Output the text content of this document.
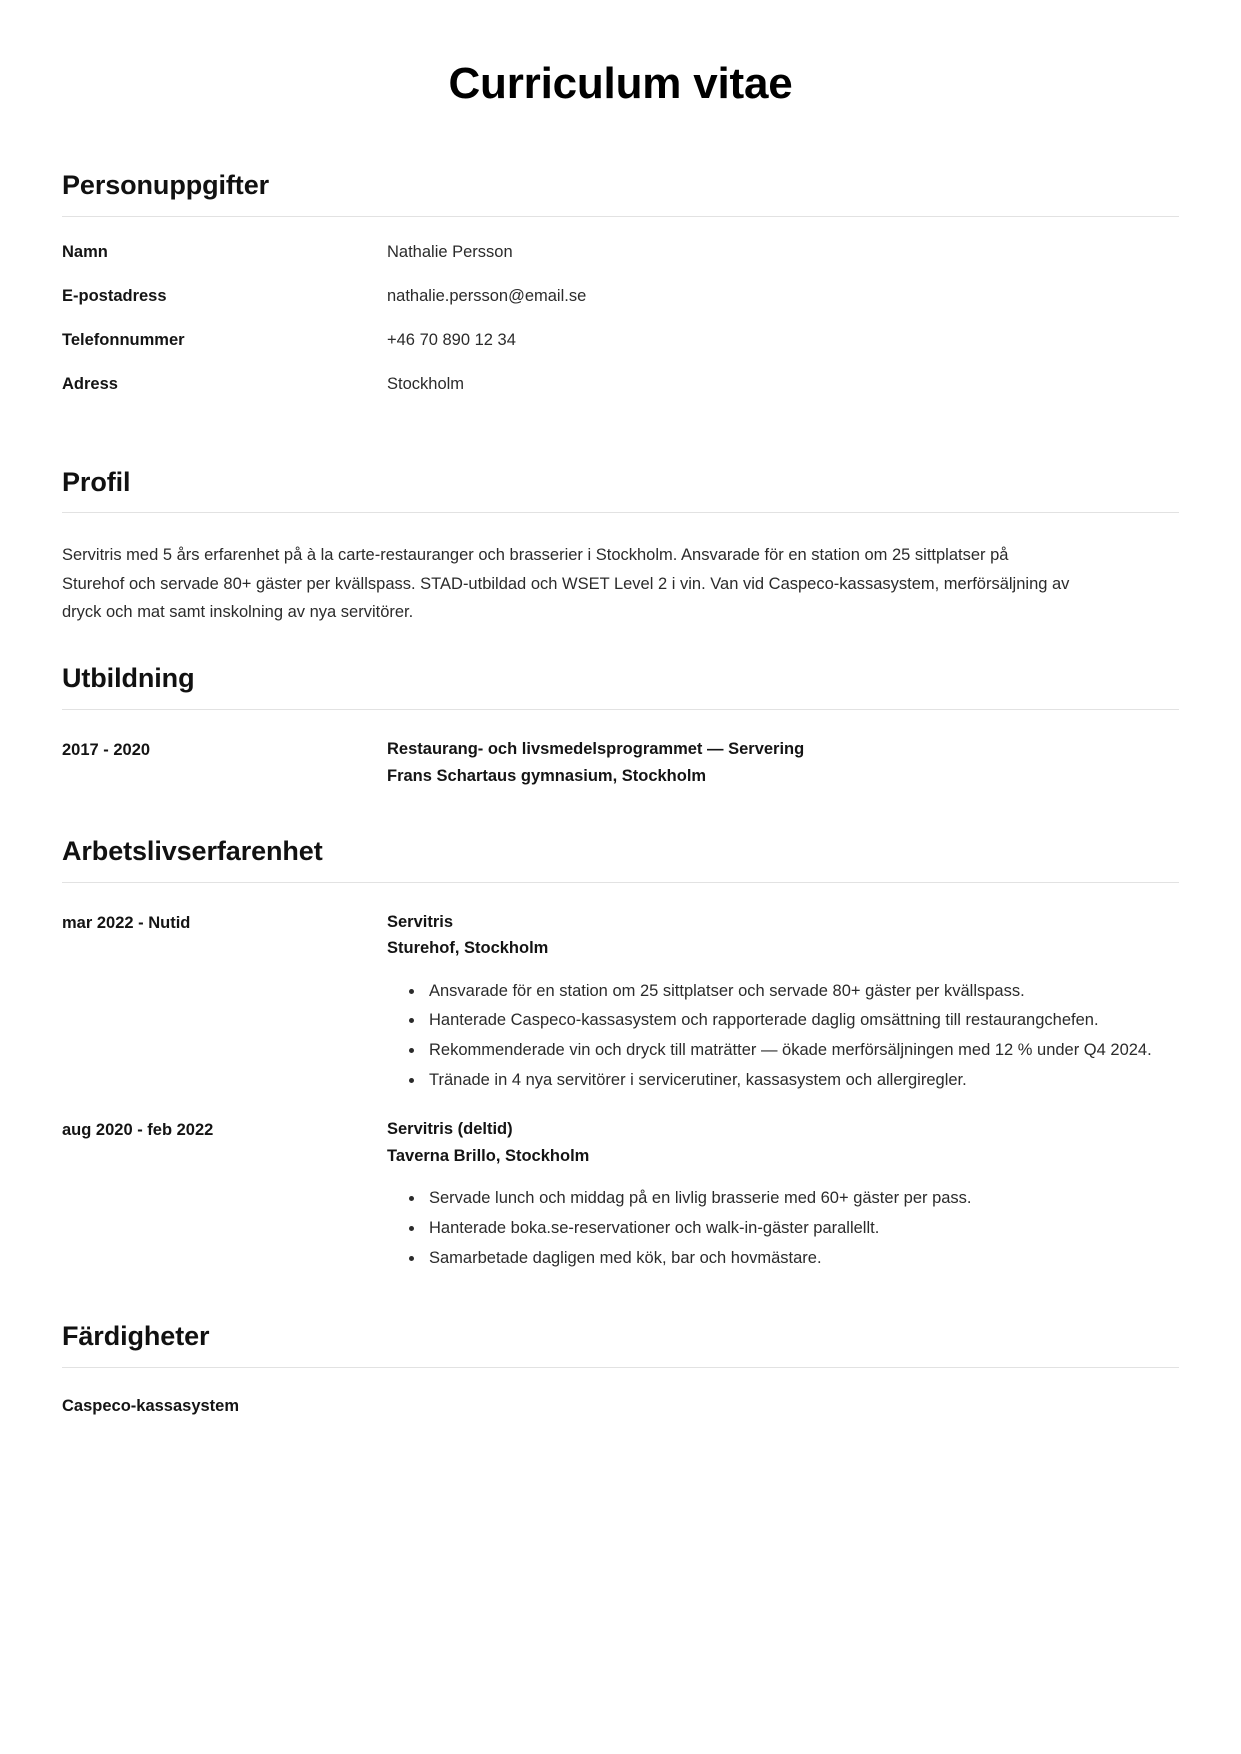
Curriculum vitae
Personuppgifter
Namn	Nathalie Persson
E-postadress	nathalie.persson@email.se
Telefonnummer	+46 70 890 12 34
Adress	Stockholm
Profil

Servitris med 5 års erfarenhet på à la carte-restauranger och brasserier i Stockholm. Ansvarade för en station om 25 sittplatser på Sturehof och servade 80+ gäster per kvällspass. STAD-utbildad och WSET Level 2 i vin. Van vid Caspeco-kassasystem, merförsäljning av dryck och mat samt inskolning av nya servitörer.

Utbildning
2017 - 2020	Restaurang- och livsmedelsprogrammet — Servering
Frans Schartaus gymnasium, Stockholm
Arbetslivserfarenhet
mar 2022 - Nutid	Servitris
Sturehof, Stockholm
• Ansvarade för en station om 25 sittplatser och servade 80+ gäster per kvällspass.
• Hanterade Caspeco-kassasystem och rapporterade daglig omsättning till restaurangchefen.
• Rekommenderade vin och dryck till maträtter — ökade merförsäljningen med 12 % under Q4 2024.
• Tränade in 4 nya servitörer i servicerutiner, kassasystem och allergiregler.
aug 2020 - feb 2022	Servitris (deltid)
Taverna Brillo, Stockholm
• Servade lunch och middag på en livlig brasserie med 60+ gäster per pass.
• Hanterade boka.se-reservationer och walk-in-gäster parallellt.
• Samarbetade dagligen med kök, bar och hovmästare.
Färdigheter
Caspeco-kassasystem
